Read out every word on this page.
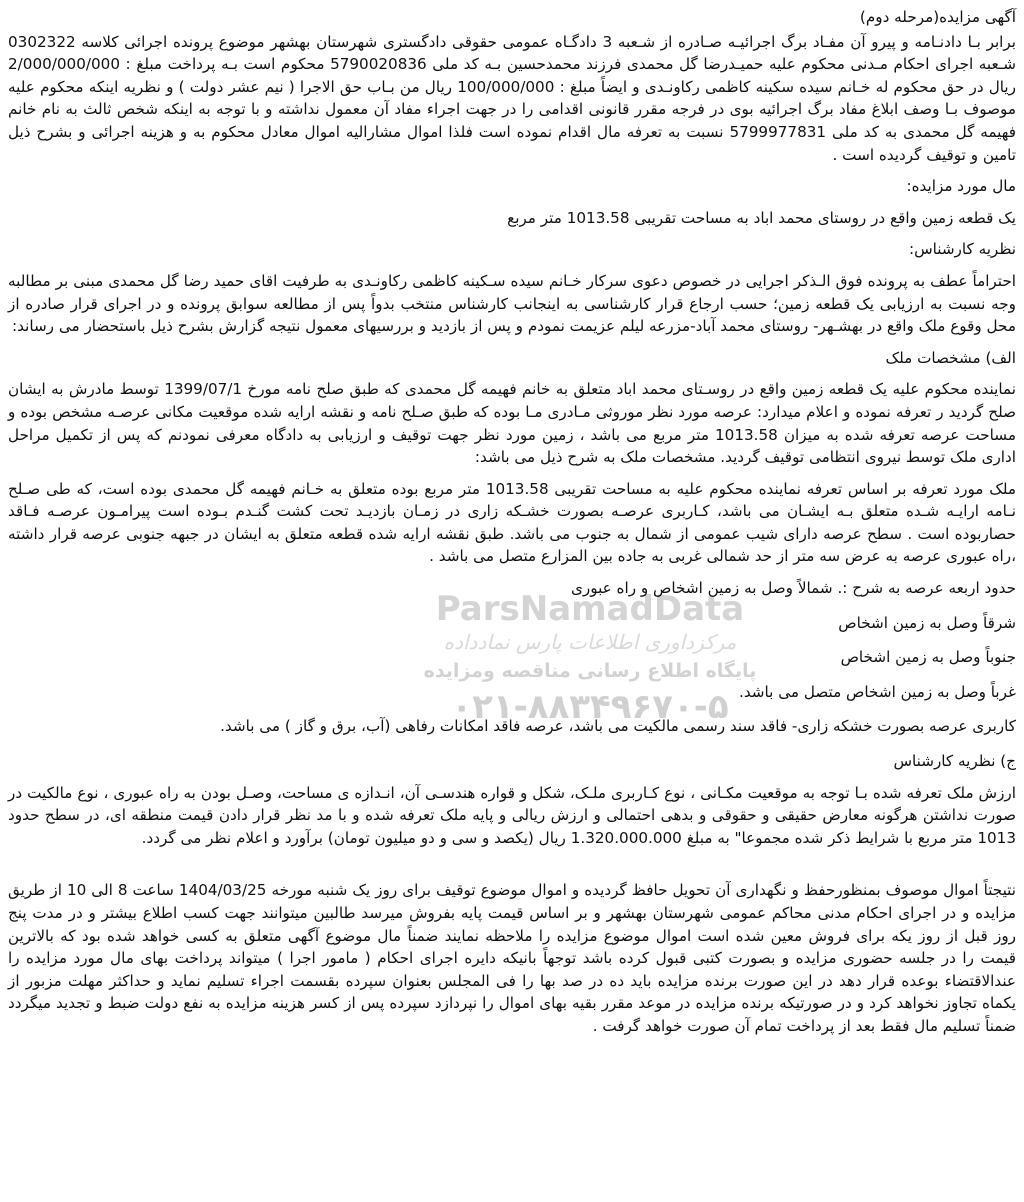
ParsNamadData
مرکزداوری اطلاعات پارس نمادداده
پایگاه اطلاع رسانی مناقصه ومزایده
۰۲۱-۸۸۳۴۹۶۷۰-۵

آگهی مزایده(مرحله دوم)

برابر بـا دادنـامه و پیرو آن مفـاد برگ اجرائیـه صـادره از شـعبه 3 دادگـاه عمومی حقوقی دادگستری شهرستان بهشهر موضوع پرونده اجرائی کلاسه 0302322 شـعبه اجرای احکام مـدنی محکوم علیه حمیـدرضا گل محمدی فرزند محمدحسین بـه کد ملی 5790020836 محکوم است بـه پرداخت مبلغ : 2/000/000/000 ریال در حق محکوم له خـانم سیده سکینه کاظمی رکاونـدی و ایضاً مبلغ : 100/000/000 ریال من بـاب حق الاجرا ( نیم عشر دولت ) و نظریه اینکه محکوم علیه موصوف بـا وصف ابلاغ مفاد برگ اجرائیه بوی در فرجه مقرر قانونی اقدامی را در جهت اجراء مفاد آن معمول نداشته و با توجه به اینکه شخص ثالث به نام خانم فهیمه گل محمدی به کد ملی 5799977831 نسبت به تعرفه مال اقدام نموده است فلذا اموال مشاراليه اموال معادل محکوم به و هزینه اجرائی و بشرح ذیل تامین و توقیف گردیده است .

مال مورد مزایده:

یک قطعه زمین واقع در روستای محمد اباد به مساحت تقریبی 1013.58 متر مربع

نظریه کارشناس:

احتراماً عطف به پرونده فوق الـذکر اجرایی در خصوص دعوی سرکار خـانم سیده سـکینه کاظمی رکاونـدی به طرفیت اقای حمید رضا گل محمدی مبنی بر مطالبه وجه نسبت به ارزیابی یک قطعه زمین؛ حسب ارجاع قرار کارشناسی به اینجانب کارشناس منتخب بدواً پس از مطالعه سوابق پرونده و در اجرای قرار صادره از محل وقوع ملک واقع در بهشـهر- روستای محمد آباد-مزرعه لیلم عزیمت نمودم و پس از بازدید و بررسیهای معمول نتیجه گزارش بشرح ذیل باستحضار می رساند:

الف) مشخصات ملک

نماینده محکوم علیه یک قطعه زمین واقع در روسـتای محمد اباد متعلق به خانم فهیمه گل محمدی که طبق صلح نامه مورخ 1399/07/1 توسط مادرش به ایشان صلح گردید ر تعرفه نموده و اعلام میدارد: عرصه مورد نظر موروثی مـادری مـا بوده که طبق صـلح نامه و نقشه ارایه شده موقعیت مکانی عرصـه مشخص بوده و مساحت عرصه تعرفه شده به میزان 1013.58 متر مربع می باشد ، زمین مورد نظر جهت توقیف و ارزیابی به دادگاه معرفی نمودنم که پس از تکمیل مراحل اداری ملک توسط نیروی انتظامی توقیف گردید. مشخصات ملک به شرح ذیل می باشد:

ملک مورد تعرفه بر اساس تعرفه نماینده محکوم علیه به مساحت تقریبی 1013.58 متر مربع بوده متعلق به خـانم فهیمه گل محمدی بوده است، که طی صـلح نـامه ارایـه شـده متعلق بـه ایشـان می باشد، کـاربری عرصـه بصورت خشـکه زاری در زمـان بازدیـد تحت کشت گنـدم بـوده است پیرامـون عرصـه فـاقد حصاربوده است . سطح عرصه دارای شیب عمومی از شمال به جنوب می باشد. طبق نقشه ارایه شده قطعه متعلق به ایشان در جبهه جنوبی عرصه قرار داشته ،راه عبوری عرصه به عرض سه متر از حد شمالی غربی به جاده بین المزارع متصل می باشد .

حدود اربعه عرصه به شرح :. شمالاً وصل به زمین اشخاص و راه عبوری

شرقاً وصل به زمین اشخاص

جنوباً وصل به زمین اشخاص

غرباً وصل به زمین اشخاص متصل می باشد.

کاربری عرصه بصورت خشکه زاری- فاقد سند رسمی مالکیت می باشد، عرصه فاقد امکانات رفاهی (آب، برق و گاز ) می باشد.

ج) نظریه کارشناس

ارزش ملک تعرفه شده بـا توجه به موقعیت مکـانی ، نوع کـاربری ملـک، شکل و قواره هندسـی آن، انـدازه ی مساحت، وصـل بودن به راه عبوری ، نوع مالکیت در صورت نداشتن هرگونه معارض حقیقی و حقوقی و بدهی احتمالی و ارزش ریالی و پایه ملک تعرفه شده و با مد نظر قرار دادن قیمت منطقه ای، در سطح حدود 1013 متر مربع با شرایط ذکر شده مجموعا" به مبلغ 1.320.000.000 ریال (یکصد و سی و دو میلیون تومان) برآورد و اعلام نظر می گردد.

نتیجتاً اموال موصوف بمنظورحفظ و نگهداری آن تحویل حافظ گردیده و اموال موضوع توقیف برای روز یک شنبه مورخه 1404/03/25 ساعت 8 الی 10 از طریق مزایده و در اجرای احکام مدنی محاکم عمومی شهرستان بهشهر و بر اساس قیمت پایه بفروش میرسد طالبین میتوانند جهت کسب اطلاع بیشتر و در مدت پنج روز قبل از روز یکه برای فروش معین شده است اموال موضوع مزایده را ملاحظه نمایند ضمناً مال موضوع آگهی متعلق به کسی خواهد شده بود که بالاترین قیمت را در جلسه حضوری مزایده و بصورت کتبی قبول کرده باشد توجهاً بانیکه دایره اجرای احکام ( مامور اجرا ) میتواند پرداخت بهای مال مورد مزایده را عندالاقتضاء بوعده قرار دهد در این صورت برنده مزایده باید ده در صد بها را فی المجلس بعنوان سپرده بقسمت اجراء تسلیم نماید و حداکثر مهلت مزبور از یکماه تجاوز نخواهد کرد و در صورتیکه برنده مزایده در موعد مقرر بقیه بهای اموال را نپردازد سپرده پس از کسر هزینه مزایده به نفع دولت ضبط و تجدید میگردد ضمناً تسلیم مال فقط بعد از پرداخت تمام آن صورت خواهد گرفت .
